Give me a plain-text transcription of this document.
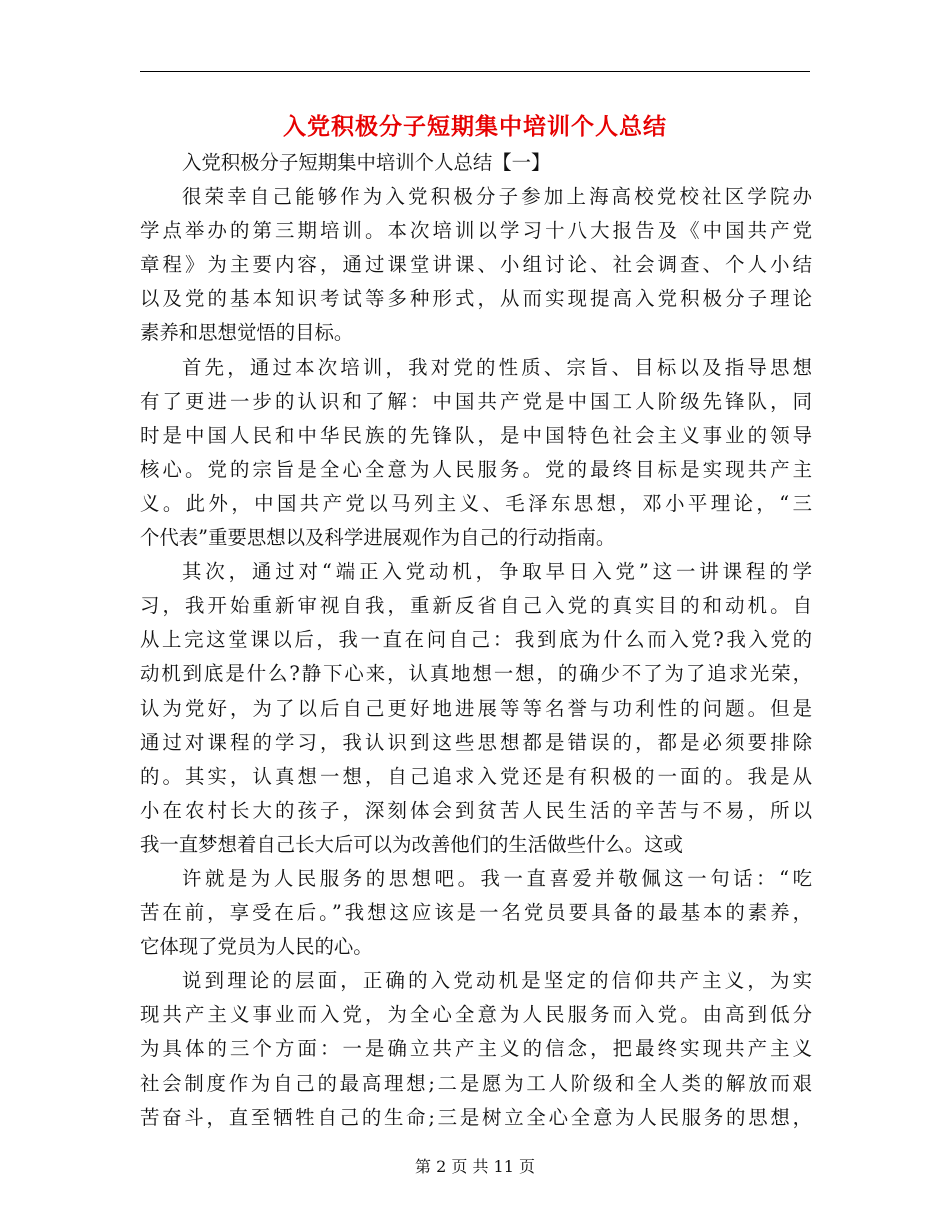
入党积极分子短期集中培训个人总结
入党积极分子短期集中培训个人总结【一】
很荣幸自己能够作为入党积极分子参加上海高校党校社区学院办
学点举办的第三期培训。本次培训以学习十八大报告及《中国共产党
章程》为主要内容，通过课堂讲课、小组讨论、社会调查、个人小结
以及党的基本知识考试等多种形式，从而实现提高入党积极分子理论
素养和思想觉悟的目标。
首先，通过本次培训，我对党的性质、宗旨、目标以及指导思想
有了更进一步的认识和了解：中国共产党是中国工人阶级先锋队，同
时是中国人民和中华民族的先锋队，是中国特色社会主义事业的领导
核心。党的宗旨是全心全意为人民服务。党的最终目标是实现共产主
义。此外，中国共产党以马列主义、毛泽东思想，邓小平理论，“三
个代表”重要思想以及科学进展观作为自己的行动指南。
其次，通过对“端正入党动机，争取早日入党”这一讲课程的学
习，我开始重新审视自我，重新反省自己入党的真实目的和动机。自
从上完这堂课以后，我一直在问自己：我到底为什么而入党?我入党的
动机到底是什么?静下心来，认真地想一想，的确少不了为了追求光荣，
认为党好，为了以后自己更好地进展等等名誉与功利性的问题。但是
通过对课程的学习，我认识到这些思想都是错误的，都是必须要排除
的。其实，认真想一想，自己追求入党还是有积极的一面的。我是从
小在农村长大的孩子，深刻体会到贫苦人民生活的辛苦与不易，所以
我一直梦想着自己长大后可以为改善他们的生活做些什么。这或
许就是为人民服务的思想吧。我一直喜爱并敬佩这一句话：“吃
苦在前，享受在后。”我想这应该是一名党员要具备的最基本的素养，
它体现了党员为人民的心。
说到理论的层面，正确的入党动机是坚定的信仰共产主义，为实
现共产主义事业而入党，为全心全意为人民服务而入党。由高到低分
为具体的三个方面：一是确立共产主义的信念，把最终实现共产主义
社会制度作为自己的最高理想;二是愿为工人阶级和全人类的解放而艰
苦奋斗，直至牺牲自己的生命;三是树立全心全意为人民服务的思想，
第 2 页 共 11 页
